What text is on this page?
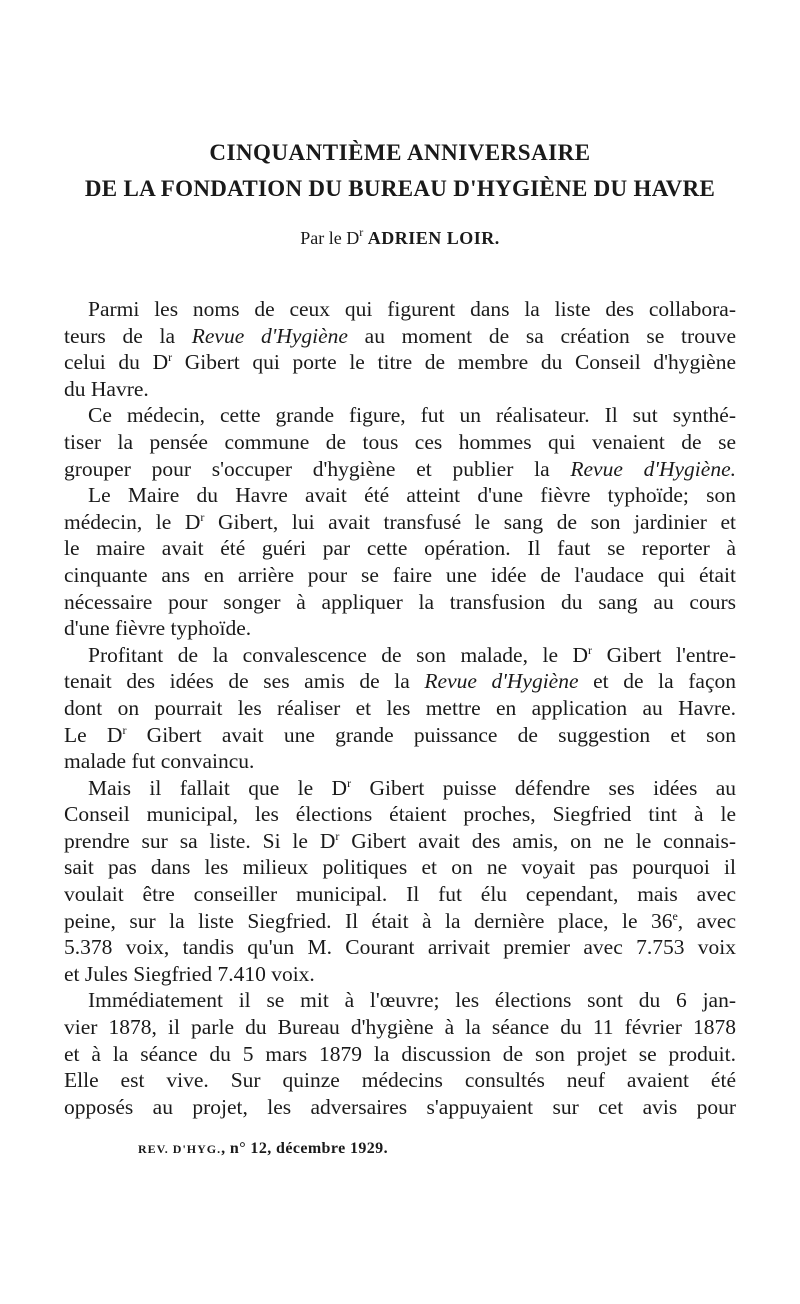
CINQUANTIÈME ANNIVERSAIRE
DE LA FONDATION DU BUREAU D'HYGIÈNE DU HAVRE
Par le $D^r$ ADRIEN LOIR.
Parmi les noms de ceux qui figurent dans la liste des collabora-
teurs de la Revue d'Hygiène au moment de sa création se trouve
celui du $D^r$ Gibert qui porte le titre de membre du Conseil d'hygiène
du Havre.
Ce médecin, cette grande figure, fut un réalisateur. Il sut synthé-
tiser la pensée commune de tous ces hommes qui venaient de se
grouper pour s'occuper d'hygiène et publier la Revue d'Hygiène.
Le Maire du Havre avait été atteint d'une fièvre typhoïde; son
médecin, le $D^r$ Gibert, lui avait transfusé le sang de son jardinier et
le maire avait été guéri par cette opération. Il faut se reporter à
cinquante ans en arrière pour se faire une idée de l'audace qui était
nécessaire pour songer à appliquer la transfusion du sang au cours
d'une fièvre typhoïde.
Profitant de la convalescence de son malade, le $D^r$ Gibert l'entre-
tenait des idées de ses amis de la Revue d'Hygiène et de la façon
dont on pourrait les réaliser et les mettre en application au Havre.
Le $D^r$ Gibert avait une grande puissance de suggestion et son
malade fut convaincu.
Mais il fallait que le $D^r$ Gibert puisse défendre ses idées au
Conseil municipal, les élections étaient proches, Siegfried tint à le
prendre sur sa liste. Si le $D^r$ Gibert avait des amis, on ne le connais-
sait pas dans les milieux politiques et on ne voyait pas pourquoi il
voulait être conseiller municipal. Il fut élu cependant, mais avec
peine, sur la liste Siegfried. Il était à la dernière place, le 36e, avec
5.378 voix, tandis qu'un M. Courant arrivait premier avec 7.753 voix
et Jules Siegfried 7.410 voix.
Immédiatement il se mit à l'œuvre; les élections sont du 6 jan-
vier 1878, il parle du Bureau d'hygiène à la séance du 11 février 1878
et à la séance du 5 mars 1879 la discussion de son projet se produit.
Elle est vive. Sur quinze médecins consultés neuf avaient été
opposés au projet, les adversaires s'appuyaient sur cet avis pour
REV. D'HYG., n° 12, décembre 1929.
